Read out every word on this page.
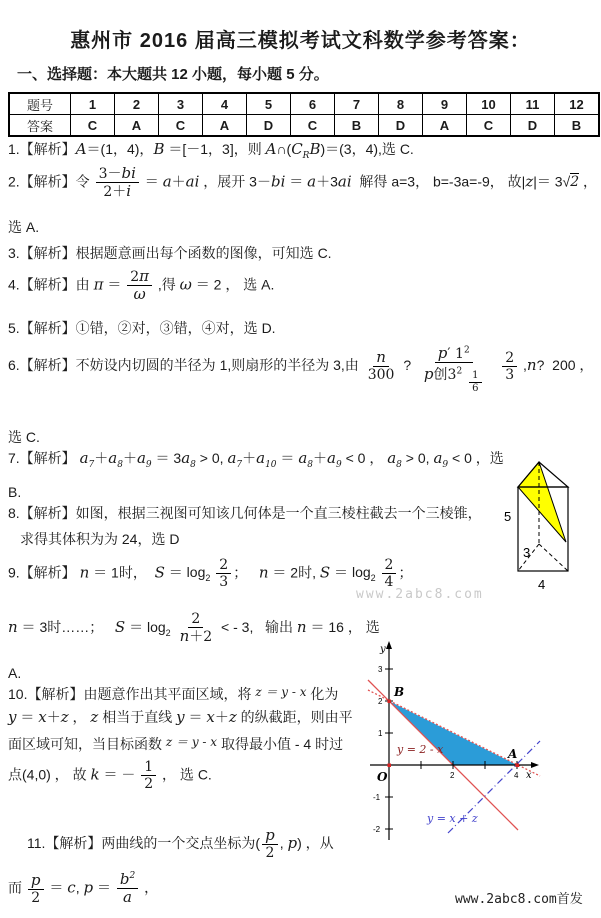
惠州市 2016 届高三模拟考试文科数学参考答案：
一、选择题：本大题共 12 小题，每小题 5 分。
题号	1	2	3	4	5	6	7	8	9	10	11	12
答案	C	A	C	A	D	C	B	D	A	C	D	B
1.【解析】A＝(1，4)，B ＝[－1，3]，则 $A\cap(C_RB)=(3$，4),选 C.
2.【解析】令 $\frac{3-bi}{2+i} = a+ai$ ，展开 3－bi ＝ a＋3ai  解得 a=3， b=-3a=-9， 故|z|＝ 3√2 ，
选 A.
3.【解析】根据题意画出每个函数的图像，可知选 C.
4.【解析】由 $\pi = \frac{2\pi}{\omega}$ ,得 ω ＝ 2 ， 选 A.
5.【解析】①错，②对，③错，④对，选 D.
6.【解析】不妨设内切圆的半径为 1,则扇形的半径为 3,由 $\frac{n}{300}$ ? $\frac{p' 1^2}{p创3^2 \frac{1}{6}}$
$\frac{2}{3} ,n$?  200 ，
选 C.
7.【解析】 $a_7+a_8+a_9 = 3a_8 > 0$, $a_7+a_{10} = a_8+a_9 < 0$ ， $a_8 > 0$, $a_9 < 0$ ，选
B.
8.【解析】如图，根据三视图可知该几何体是一个直三棱柱截去一个三棱锥，
求得其体积为为 24，选 D
9.【解析】 n ＝ 1时，  $S = \log_2 \frac{2}{3}$ ；   n ＝ 2时, $S = \log_2 \frac{2}{4}$ ；
n ＝ 3时……；   $S = \log_2 \frac{2}{n+2}$ < - 3,   输出 n ＝ 16 ， 选
A.
10.【解析】由题意作出其平面区域，将 z ＝ y - x 化为
y ＝ x＋z ， z 相当于直线 y ＝ x＋z 的纵截距，则由平
面区域可知，当目标函数 z ＝ y - x 取得最小值 - 4 时过
点(4,0) ， 故 k ＝ － $\frac{1}{2}$ ， 选 C.
11.【解析】两曲线的一个交点坐标为( $\frac{p}{2}$ , p) ，从
而 $\frac{p}{2} = c$, $p = \frac{b^2}{a}$ ，
www.2abc8.com
www.2abc8.com首发
5
3
4
3
2
1
-1
-2
2	4
y
x
B
A
O
y = 2 - x
y = x + z
